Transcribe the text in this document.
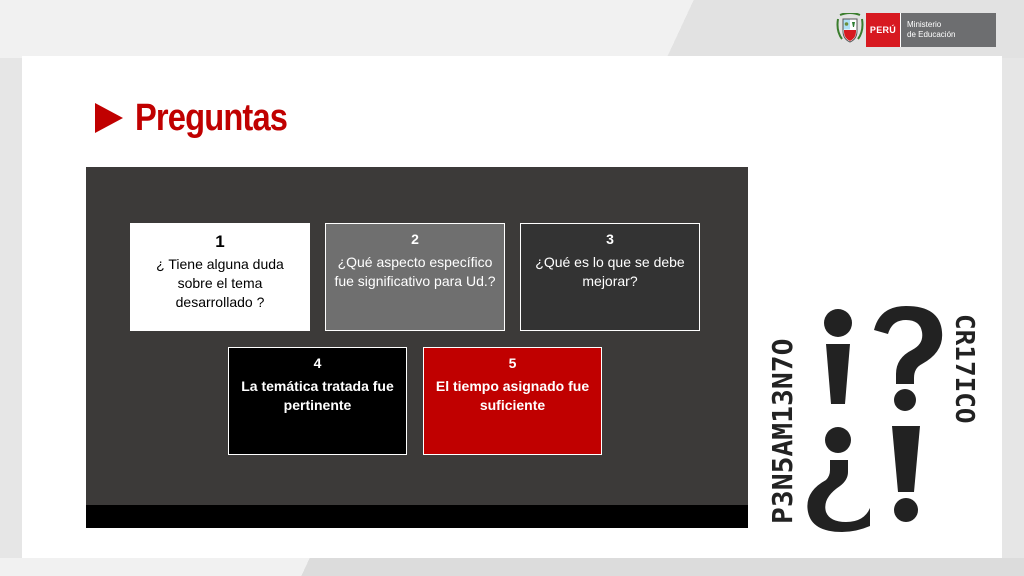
PERÚ
Ministerio
de Educación
Preguntas
1
¿ Tiene alguna duda sobre el tema desarrollado ?
2
¿Qué aspecto específico fue significativo para Ud.?
3
¿Qué es lo que se debe mejorar?
4
La temática tratada fue pertinente
5
El tiempo asignado fue suficiente	P3N5AM13N7O	CR17ICO
